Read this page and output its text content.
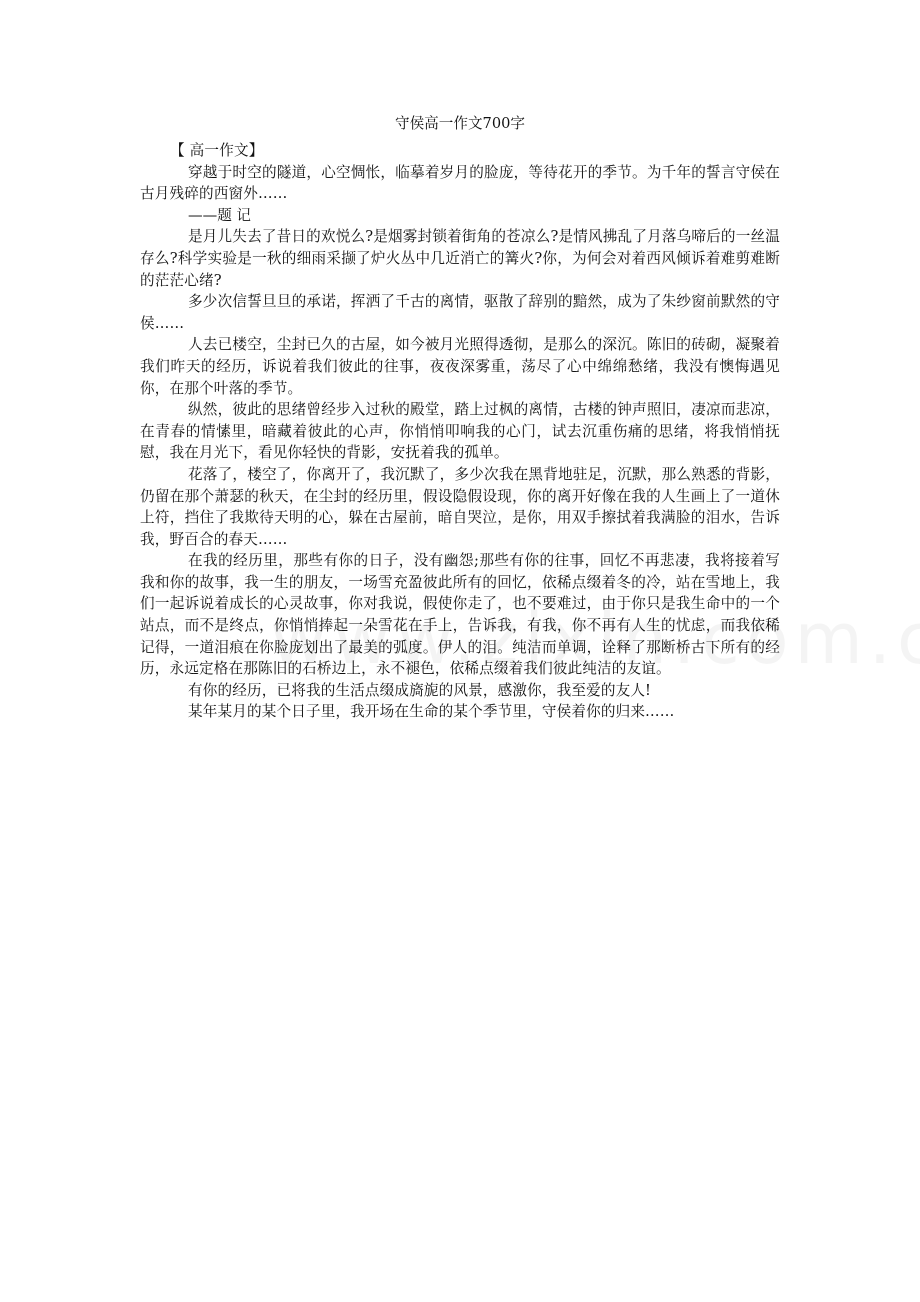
守侯高一作文700字

【 高一作文】

穿越于时空的隧道，心空惆怅，临摹着岁月的脸庞，等待花开的季节。为千年的誓言守侯在古月残碎的西窗外……

——题 记

是月儿失去了昔日的欢悦么?是烟雾封锁着街角的苍凉么?是情风拂乱了月落乌啼后的一丝温存么?科学实验是一秋的细雨采撷了炉火丛中几近消亡的篝火?你，为何会对着西风倾诉着难剪难断的茫茫心绪?

多少次信誓旦旦的承诺，挥洒了千古的离情，驱散了辞别的黯然，成为了朱纱窗前默然的守侯……

人去已楼空，尘封已久的古屋，如今被月光照得透彻，是那么的深沉。陈旧的砖砌，凝聚着我们昨天的经历，诉说着我们彼此的往事，夜夜深雾重，荡尽了心中绵绵愁绪，我没有懊悔遇见你，在那个叶落的季节。

纵然，彼此的思绪曾经步入过秋的殿堂，踏上过枫的离情，古楼的钟声照旧，凄凉而悲凉，在青春的情愫里，暗藏着彼此的心声，你悄悄叩响我的心门，试去沉重伤痛的思绪，将我悄悄抚慰，我在月光下，看见你轻快的背影，安抚着我的孤单。

花落了，楼空了，你离开了，我沉默了，多少次我在黑背地驻足，沉默，那么熟悉的背影，仍留在那个萧瑟的秋天，在尘封的经历里，假设隐假设现，你的离开好像在我的人生画上了一道休上符，挡住了我欺待天明的心，躲在古屋前，暗自哭泣，是你，用双手擦拭着我满脸的泪水，告诉我，野百合的春天……

在我的经历里，那些有你的日子，没有幽怨;那些有你的往事，回忆不再悲凄，我将接着写我和你的故事，我一生的朋友，一场雪充盈彼此所有的回忆，依稀点缀着冬的冷，站在雪地上，我们一起诉说着成长的心灵故事，你对我说，假使你走了，也不要难过，由于你只是我生命中的一个站点，而不是终点，你悄悄捧起一朵雪花在手上，告诉我，有我，你不再有人生的忧虑，而我依稀记得，一道泪痕在你脸庞划出了最美的弧度。伊人的泪。纯洁而单调，诠释了那断桥古下所有的经历，永远定格在那陈旧的石桥边上，永不褪色，依稀点缀着我们彼此纯洁的友谊。

有你的经历，已将我的生活点缀成旖旎的风景，感激你，我至爱的友人!

某年某月的某个日子里，我开场在生命的某个季节里，守侯着你的归来……
